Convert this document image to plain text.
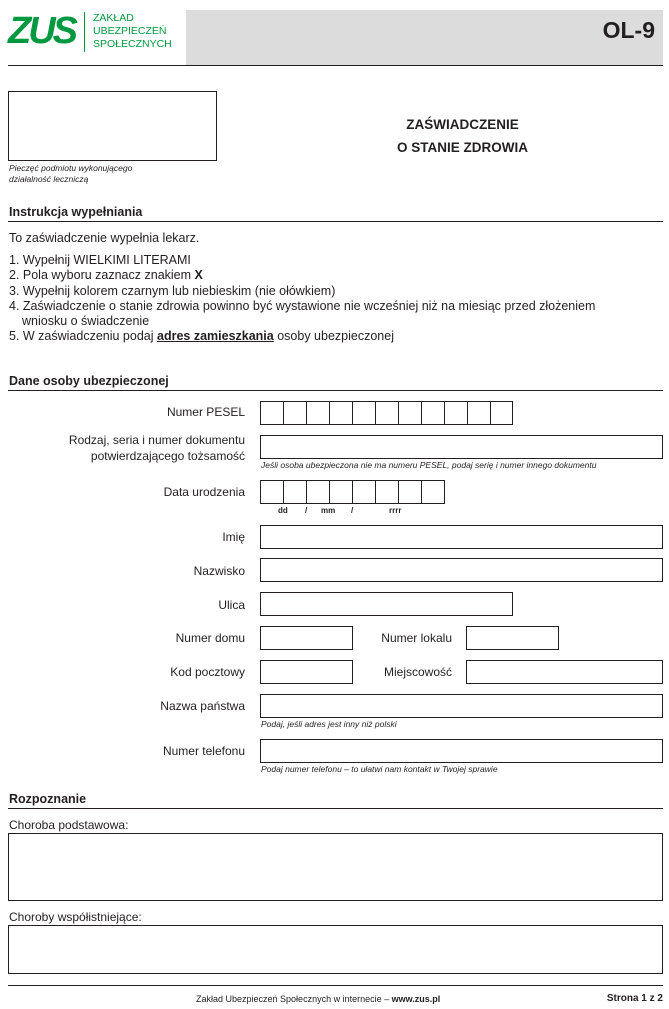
ZUS ZAKŁAD
UBEZPIECZEŃ
SPOŁECZNYCH
OL-9
Pieczęć podmiotu wykonującego
działalność leczniczą
ZAŚWIADCZENIE
O STANIE ZDROWIA
Instrukcja wypełniania
To zaświadczenie wypełnia lekarz.
1. Wypełnij WIELKIMI LITERAMI
2. Pola wyboru zaznacz znakiem X
3. Wypełnij kolorem czarnym lub niebieskim (nie ołówkiem)
4. Zaświadczenie o stanie zdrowia powinno być wystawione nie wcześniej niż na miesiąc przed złożeniem
wniosku o świadczenie
5. W zaświadczeniu podaj adres zamieszkania osoby ubezpieczonej
Dane osoby ubezpieczonej
Numer PESEL
Rodzaj, seria i numer dokumentu
potwierdzającego tożsamość
Jeśli osoba ubezpieczona nie ma numeru PESEL, podaj serię i numer innego dokumentu
Data urodzenia
dd / mm /	rrrr
Imię
Nazwisko
Ulica
Numer domu	Numer lokalu
Kod pocztowy	Miejscowość
Nazwa państwa
Podaj, jeśli adres jest inny niż polski
Numer telefonu
Podaj numer telefonu – to ułatwi nam kontakt w Twojej sprawie
Rozpoznanie
Choroba podstawowa:
Choroby współistniejące:
Zakład Ubezpieczeń Społecznych w internecie – www.zus.pl	Strona 1 z 2
